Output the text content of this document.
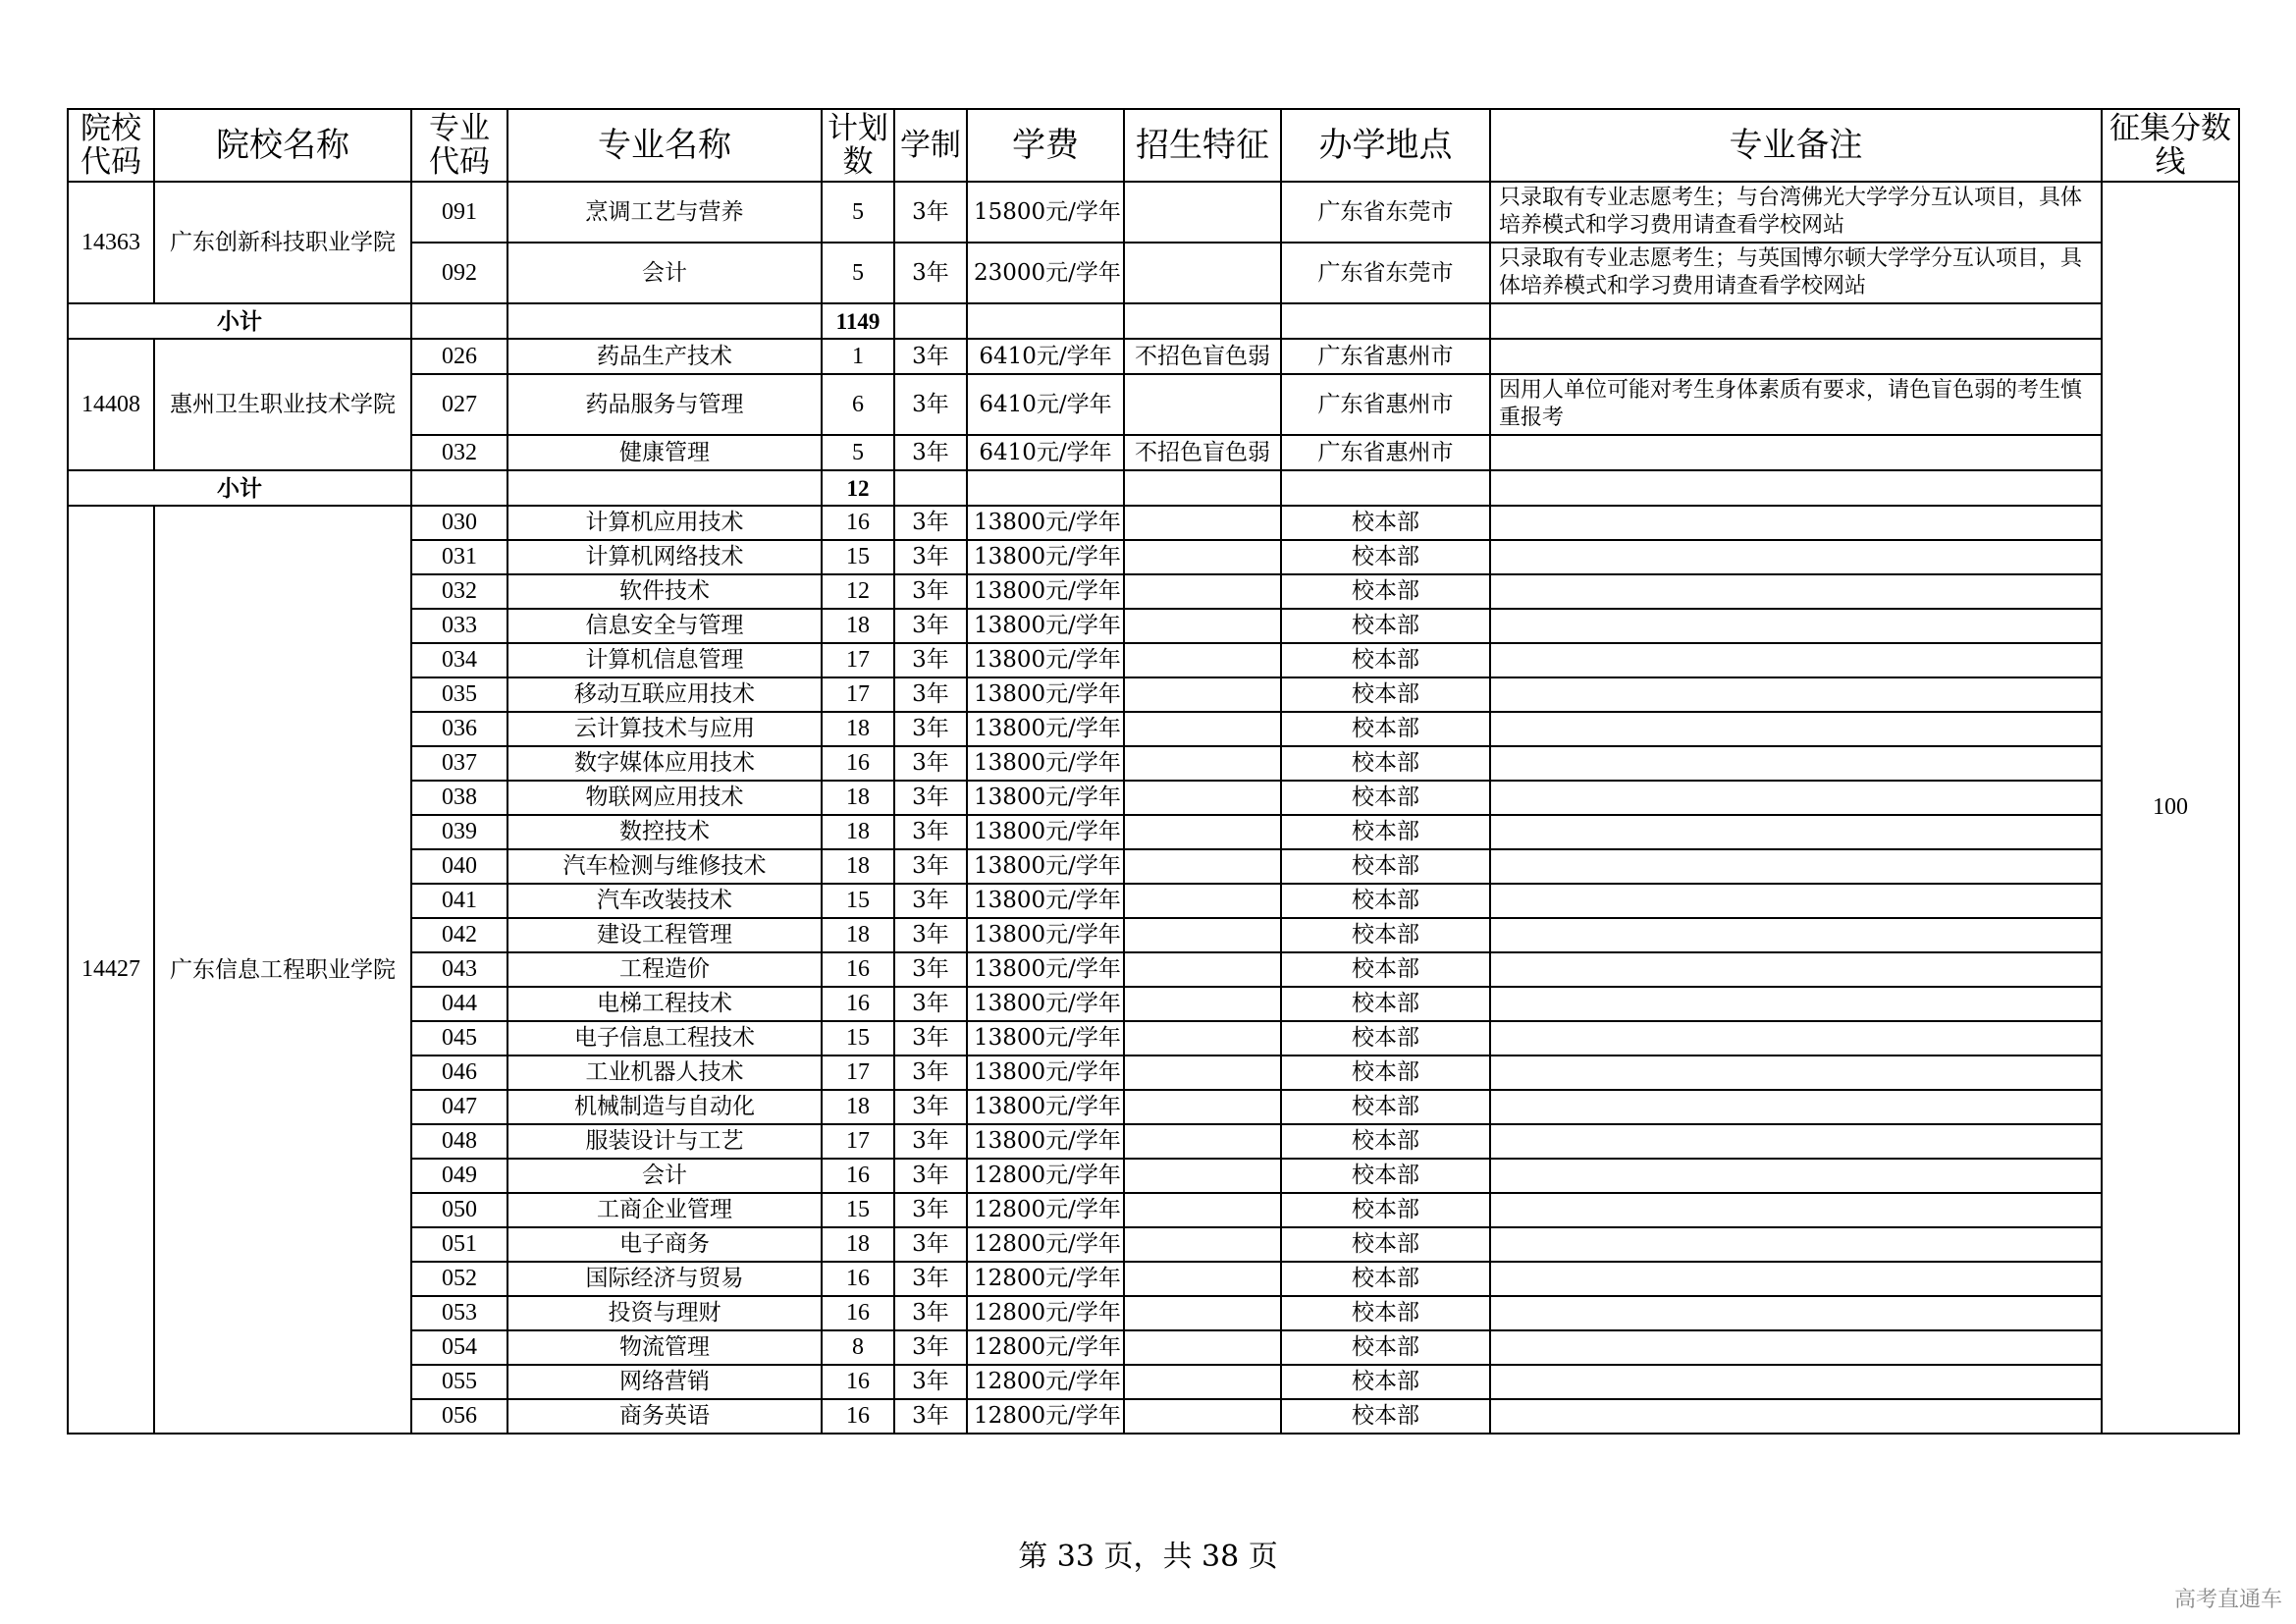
院校代码	院校名称	专业代码	专业名称	计划数	学制	学费	招生特征	办学地点	专业备注	征集分数线
14363	广东创新科技职业学院	091	烹调工艺与营养	5	3年	15800元/学年		广东省东莞市	只录取有专业志愿考生；与台湾佛光大学学分互认项目，具体培养模式和学习费用请查看学校网站	100
		092	会计	5	3年	23000元/学年		广东省东莞市	只录取有专业志愿考生；与英国博尔顿大学学分互认项目，具体培养模式和学习费用请查看学校网站	
小计				1149						
14408	惠州卫生职业技术学院	026	药品生产技术	1	3年	6410元/学年	不招色盲色弱	广东省惠州市		
		027	药品服务与管理	6	3年	6410元/学年		广东省惠州市	因用人单位可能对考生身体素质有要求，请色盲色弱的考生慎重报考	
		032	健康管理	5	3年	6410元/学年	不招色盲色弱	广东省惠州市		
小计				12						
14427	广东信息工程职业学院	030	计算机应用技术	16	3年	13800元/学年		校本部		
		031	计算机网络技术	15	3年	13800元/学年		校本部		
		032	软件技术	12	3年	13800元/学年		校本部		
		033	信息安全与管理	18	3年	13800元/学年		校本部		
		034	计算机信息管理	17	3年	13800元/学年		校本部		
		035	移动互联应用技术	17	3年	13800元/学年		校本部		
		036	云计算技术与应用	18	3年	13800元/学年		校本部		
		037	数字媒体应用技术	16	3年	13800元/学年		校本部		
		038	物联网应用技术	18	3年	13800元/学年		校本部		
		039	数控技术	18	3年	13800元/学年		校本部		
		040	汽车检测与维修技术	18	3年	13800元/学年		校本部		
		041	汽车改装技术	15	3年	13800元/学年		校本部		
		042	建设工程管理	18	3年	13800元/学年		校本部		
		043	工程造价	16	3年	13800元/学年		校本部		
		044	电梯工程技术	16	3年	13800元/学年		校本部		
		045	电子信息工程技术	15	3年	13800元/学年		校本部		
		046	工业机器人技术	17	3年	13800元/学年		校本部		
		047	机械制造与自动化	18	3年	13800元/学年		校本部		
		048	服装设计与工艺	17	3年	13800元/学年		校本部		
		049	会计	16	3年	12800元/学年		校本部		
		050	工商企业管理	15	3年	12800元/学年		校本部		
		051	电子商务	18	3年	12800元/学年		校本部		
		052	国际经济与贸易	16	3年	12800元/学年		校本部		
		053	投资与理财	16	3年	12800元/学年		校本部		
		054	物流管理	8	3年	12800元/学年		校本部		
		055	网络营销	16	3年	12800元/学年		校本部		
		056	商务英语	16	3年	12800元/学年		校本部		
第 33 页，共 38 页
高考直通车
